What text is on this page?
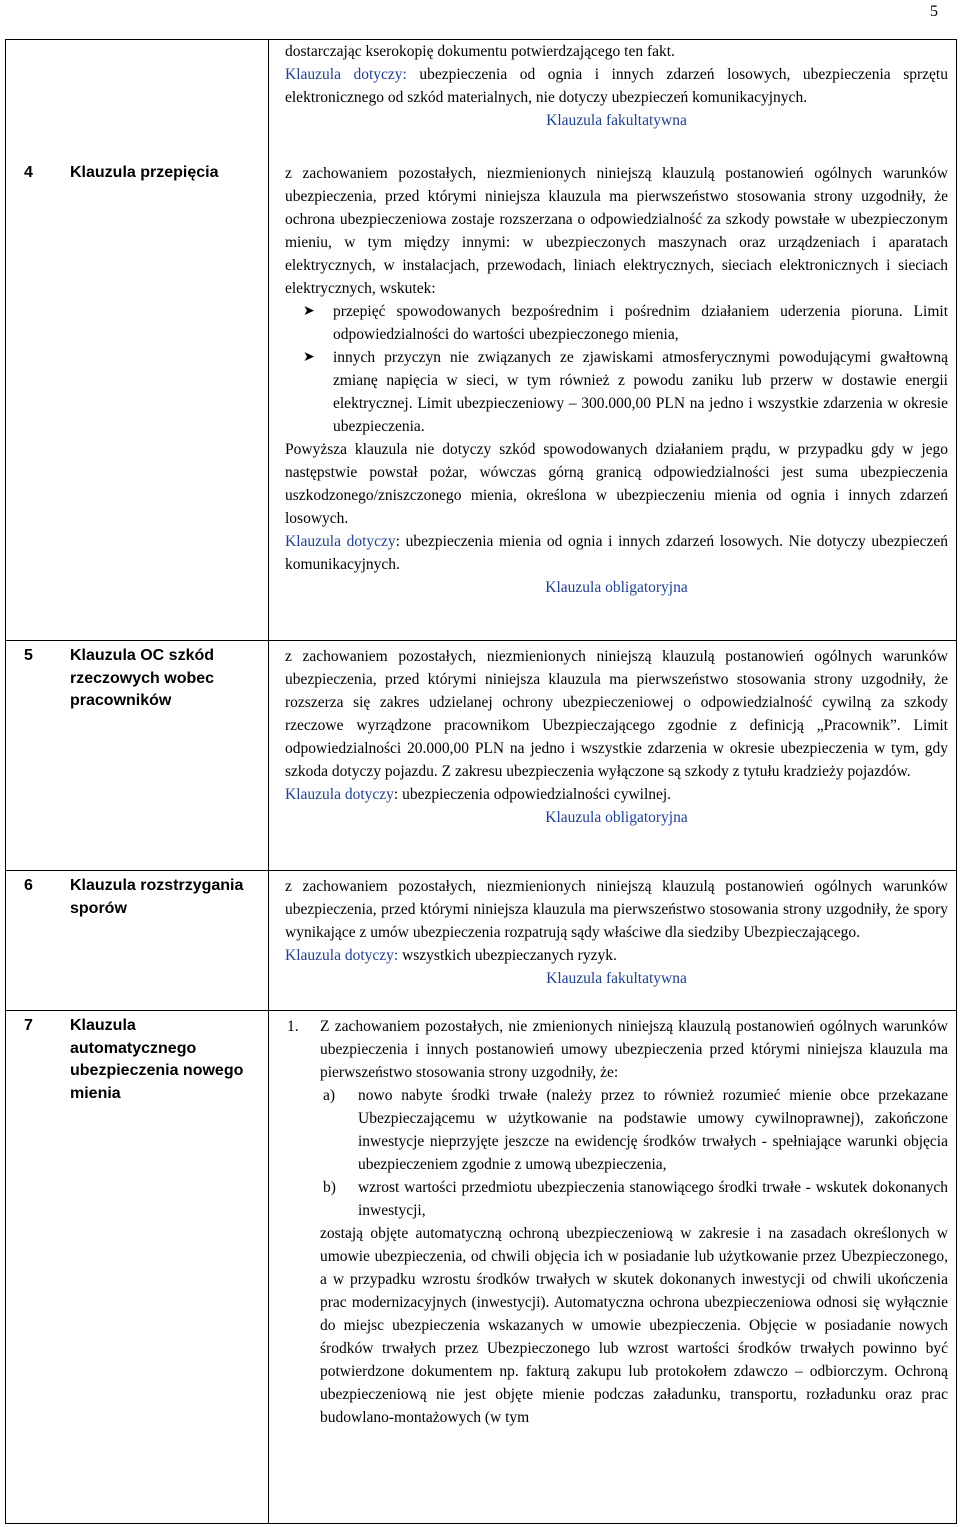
5

dostarczając kserokopię dokumentu potwierdzającego ten fakt.

Klauzula dotyczy: ubezpieczenia od ognia i innych zdarzeń losowych, ubezpieczenia sprzętu elektronicznego od szkód materialnych, nie dotyczy ubezpieczeń komunikacyjnych.

Klauzula fakultatywna

4 Klauzula przepięcia	z zachowaniem pozostałych, niezmienionych niniejszą klauzulą postanowień ogólnych warunków ubezpieczenia, przed którymi niniejsza klauzula ma pierwszeństwo stosowania strony uzgodniły, że ochrona ubezpieczeniowa zostaje rozszerzana o odpowiedzialność za szkody powstałe w ubezpieczonym mieniu, w tym między innymi: w ubezpieczonych maszynach oraz urządzeniach i aparatach elektrycznych, w instalacjach, przewodach, liniach elektrycznych, sieciach elektronicznych i sieciach elektrycznych, wskutek:

➤ przepięć spowodowanych bezpośrednim i pośrednim działaniem uderzenia pioruna. Limit odpowiedzialności do wartości ubezpieczonego mienia,

➤ innych przyczyn nie związanych ze zjawiskami atmosferycznymi powodującymi gwałtowną zmianę napięcia w sieci, w tym również z powodu zaniku lub przerw w dostawie energii elektrycznej. Limit ubezpieczeniowy – 300.000,00 PLN na jedno i wszystkie zdarzenia w okresie ubezpieczenia.

Powyższa klauzula nie dotyczy szkód spowodowanych działaniem prądu, w przypadku gdy w jego następstwie powstał pożar, wówczas górną granicą odpowiedzialności jest suma ubezpieczenia uszkodzonego/zniszczonego mienia, określona w ubezpieczeniu mienia od ognia i innych zdarzeń losowych.

Klauzula dotyczy: ubezpieczenia mienia od ognia i innych zdarzeń losowych. Nie dotyczy ubezpieczeń komunikacyjnych.

Klauzula obligatoryjna

5 Klauzula OC szkód rzeczowych wobec pracowników

z zachowaniem pozostałych, niezmienionych niniejszą klauzulą postanowień ogólnych warunków ubezpieczenia, przed którymi niniejsza klauzula ma pierwszeństwo stosowania strony uzgodniły, że rozszerza się zakres udzielanej ochrony ubezpieczeniowej o odpowiedzialność cywilną za szkody rzeczowe wyrządzone pracownikom Ubezpieczającego zgodnie z definicją „Pracownik”. Limit odpowiedzialności 20.000,00 PLN na jedno i wszystkie zdarzenia w okresie ubezpieczenia w tym, gdy szkoda dotyczy pojazdu. Z zakresu ubezpieczenia wyłączone są szkody z tytułu kradzieży pojazdów.

Klauzula dotyczy: ubezpieczenia odpowiedzialności cywilnej.

Klauzula obligatoryjna

6 Klauzula rozstrzygania sporów

z zachowaniem pozostałych, niezmienionych niniejszą klauzulą postanowień ogólnych warunków ubezpieczenia, przed którymi niniejsza klauzula ma pierwszeństwo stosowania strony uzgodniły, że spory wynikające z umów ubezpieczenia rozpatrują sądy właściwe dla siedziby Ubezpieczającego.

Klauzula dotyczy: wszystkich ubezpieczanych ryzyk.

Klauzula fakultatywna

7 Klauzula automatycznego ubezpieczenia nowego mienia

1. Z zachowaniem pozostałych, nie zmienionych niniejszą klauzulą postanowień ogólnych warunków ubezpieczenia i innych postanowień umowy ubezpieczenia przed którymi niniejsza klauzula ma pierwszeństwo stosowania strony uzgodniły, że:

a) nowo nabyte środki trwałe (należy przez to również rozumieć mienie obce przekazane Ubezpieczającemu w użytkowanie na podstawie umowy cywilnoprawnej), zakończone inwestycje nieprzyjęte jeszcze na ewidencję środków trwałych - spełniające warunki objęcia ubezpieczeniem zgodnie z umową ubezpieczenia,

b) wzrost wartości przedmiotu ubezpieczenia stanowiącego środki trwałe - wskutek dokonanych inwestycji,

zostają objęte automatyczną ochroną ubezpieczeniową w zakresie i na zasadach określonych w umowie ubezpieczenia, od chwili objęcia ich w posiadanie lub użytkowanie przez Ubezpieczonego, a w przypadku wzrostu środków trwałych w skutek dokonanych inwestycji od chwili ukończenia prac modernizacyjnych (inwestycji). Automatyczna ochrona ubezpieczeniowa odnosi się wyłącznie do miejsc ubezpieczenia wskazanych w umowie ubezpieczenia. Objęcie w posiadanie nowych środków trwałych przez Ubezpieczonego lub wzrost wartości środków trwałych powinno być potwierdzone dokumentem np. fakturą zakupu lub protokołem zdawczo – odbiorczym. Ochroną ubezpieczeniową nie jest objęte mienie podczas załadunku, transportu, rozładunku oraz prac budowlano-montażowych (w tym
